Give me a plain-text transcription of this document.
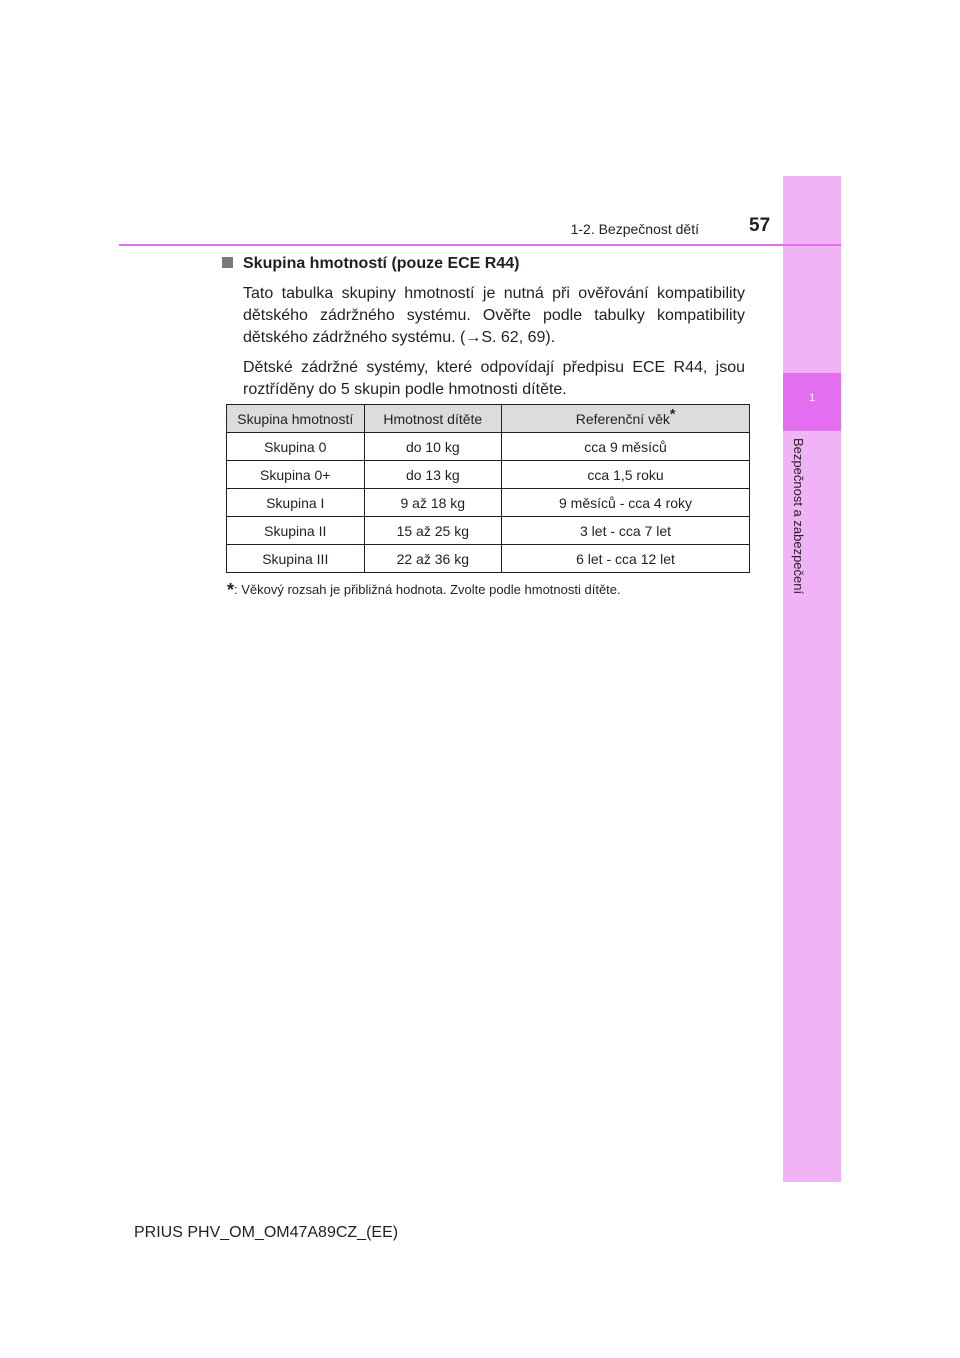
1
Bezpečnost a zabezpečení
1-2. Bezpečnost dětí	57

Skupina hmotností (pouze ECE R44)

Tato tabulka skupiny hmotností je nutná při ověřování kompatibility dětského zádržného systému. Ověřte podle tabulky kompatibility dětského zádržného systému. (→S. 62, 69).

Dětské zádržné systémy, které odpovídají předpisu ECE R44, jsou roztříděny do 5 skupin podle hmotnosti dítěte.

Skupina hmotností	Hmotnost dítěte	Referenční věk*
Skupina 0	do 10 kg	cca 9 měsíců
Skupina 0+	do 13 kg	cca 1,5 roku
Skupina I	9 až 18 kg	9 měsíců - cca 4 roky
Skupina II	15 až 25 kg	3 let - cca 7 let
Skupina III	22 až 36 kg	6 let - cca 12 let
*: Věkový rozsah je přibližná hodnota. Zvolte podle hmotnosti dítěte.
PRIUS PHV_OM_OM47A89CZ_(EE)
